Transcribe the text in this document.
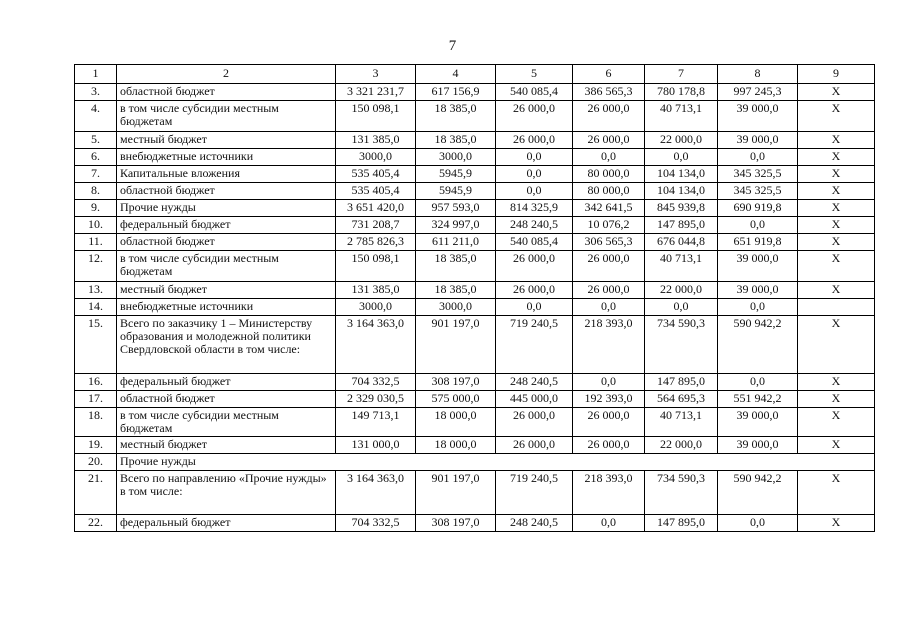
7
1	2	3	4	5	6	7	8	9
3.	областной бюджет	3 321 231,7	617 156,9	540 085,4	386 565,3	780 178,8	997 245,3	X
4.	в том числе субсидии местным бюджетам	150 098,1	18 385,0	26 000,0	26 000,0	40 713,1	39 000,0	X
5.	местный бюджет	131 385,0	18 385,0	26 000,0	26 000,0	22 000,0	39 000,0	X
6.	внебюджетные источники	3000,0	3000,0	0,0	0,0	0,0	0,0	X
7.	Капитальные вложения	535 405,4	5945,9	0,0	80 000,0	104 134,0	345 325,5	X
8.	областной бюджет	535 405,4	5945,9	0,0	80 000,0	104 134,0	345 325,5	X
9.	Прочие нужды	3 651 420,0	957 593,0	814 325,9	342 641,5	845 939,8	690 919,8	X
10.	федеральный бюджет	731 208,7	324 997,0	248 240,5	10 076,2	147 895,0	0,0	X
11.	областной бюджет	2 785 826,3	611 211,0	540 085,4	306 565,3	676 044,8	651 919,8	X
12.	в том числе субсидии местным бюджетам	150 098,1	18 385,0	26 000,0	26 000,0	40 713,1	39 000,0	X
13.	местный бюджет	131 385,0	18 385,0	26 000,0	26 000,0	22 000,0	39 000,0	X
14.	внебюджетные источники	3000,0	3000,0	0,0	0,0	0,0	0,0	
15.	Всего по заказчику 1 – Министерству образования и молодежной политики Свердловской области в том числе:	3 164 363,0	901 197,0	719 240,5	218 393,0	734 590,3	590 942,2	X
16.	федеральный бюджет	704 332,5	308 197,0	248 240,5	0,0	147 895,0	0,0	X
17.	областной бюджет	2 329 030,5	575 000,0	445 000,0	192 393,0	564 695,3	551 942,2	X
18.	в том числе субсидии местным бюджетам	149 713,1	18 000,0	26 000,0	26 000,0	40 713,1	39 000,0	X
19.	местный бюджет	131 000,0	18 000,0	26 000,0	26 000,0	22 000,0	39 000,0	X
20.	Прочие нужды							
21.	Всего по направлению «Прочие нужды» в том числе:	3 164 363,0	901 197,0	719 240,5	218 393,0	734 590,3	590 942,2	X
22.	федеральный бюджет	704 332,5	308 197,0	248 240,5	0,0	147 895,0	0,0	X
